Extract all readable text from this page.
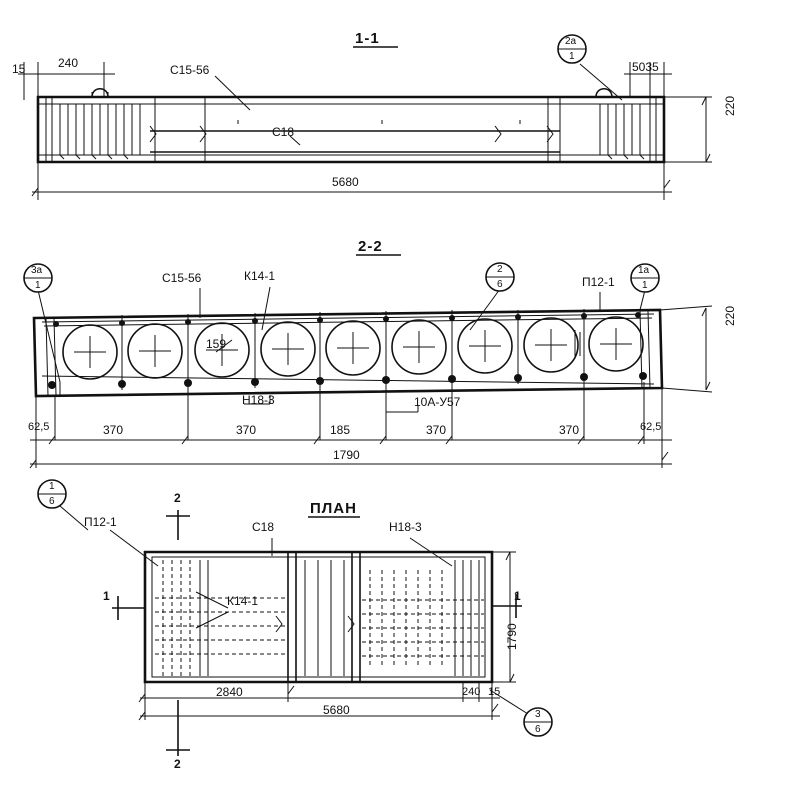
1-1
2-2
ПЛАН
С15-56
С18
15	240	5035
5680
220
2а
1
С15-56	К14-1	П12-1
159
Н18-3	10А-У57
220
62,5	370	370	185	370	370	62,5
1790
3а
1
2
6
1а
1
П12-1	С18	Н18-3
К14-1
2840
5680
240 15
1790
2
2
1	1
1
6
3
6
